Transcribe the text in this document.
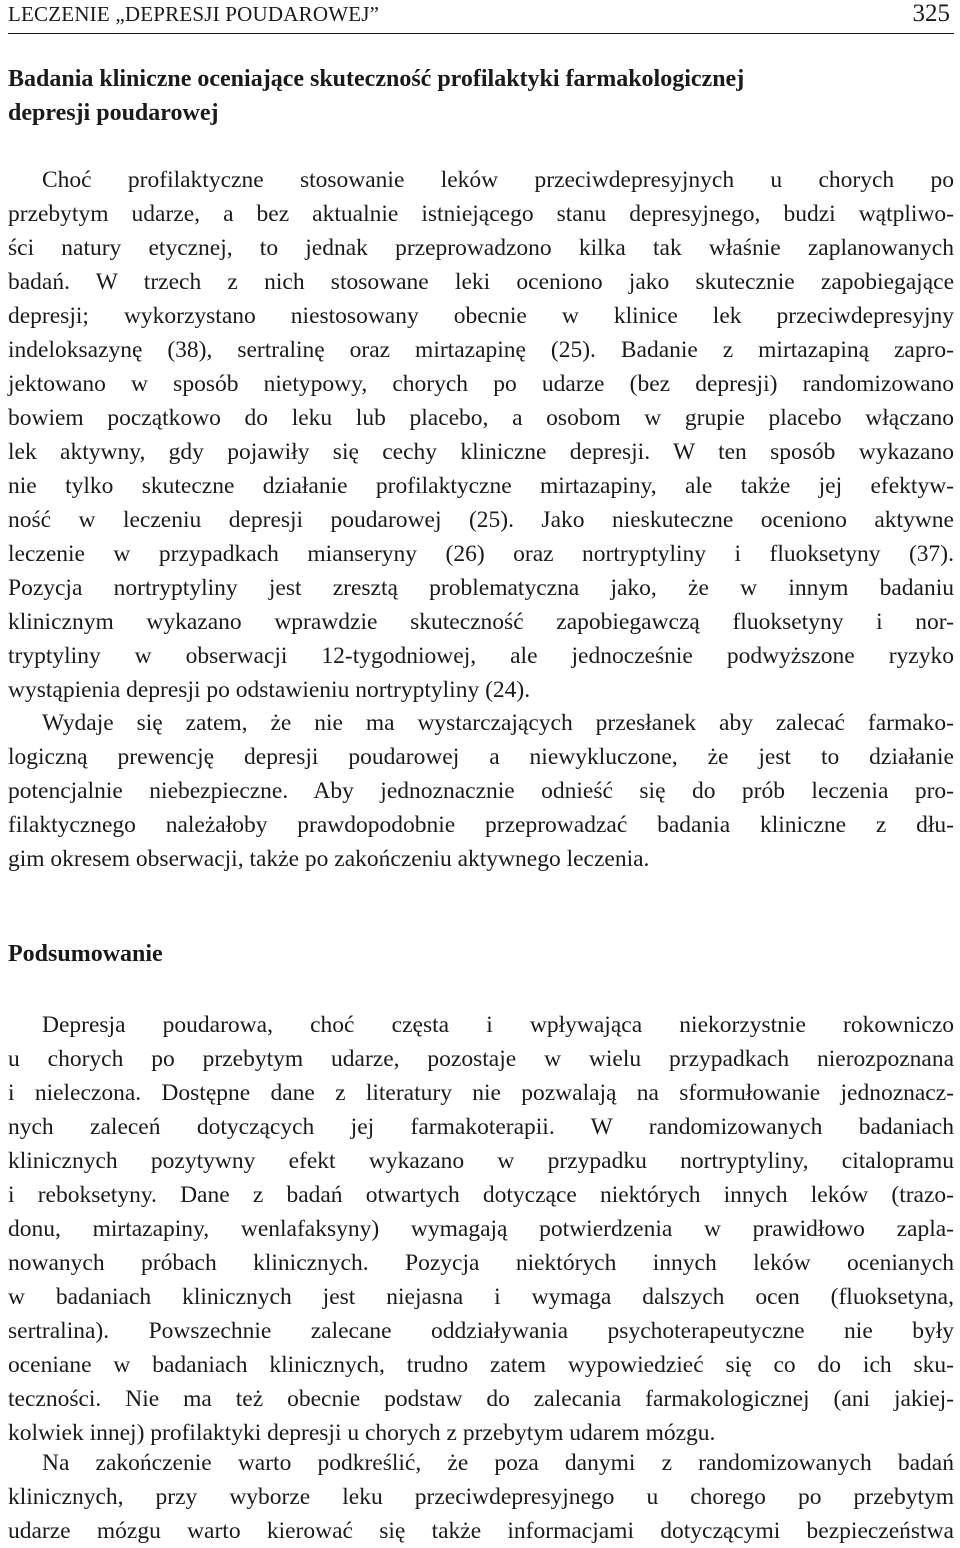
LECZENIE „DEPRESJI POUDAROWEJ”	325
Badania kliniczne oceniające skuteczność profilaktyki farmakologicznej
depresji poudarowej
Choć profilaktyczne stosowanie leków przeciwdepresyjnych u chorych po
przebytym udarze, a bez aktualnie istniejącego stanu depresyjnego, budzi wątpliwo-
ści natury etycznej, to jednak przeprowadzono kilka tak właśnie zaplanowanych
badań. W trzech z nich stosowane leki oceniono jako skutecznie zapobiegające
depresji; wykorzystano niestosowany obecnie w klinice lek przeciwdepresyjny
indeloksazynę (38), sertralinę oraz mirtazapinę (25). Badanie z mirtazapiną zapro-
jektowano w sposób nietypowy, chorych po udarze (bez depresji) randomizowano
bowiem początkowo do leku lub placebo, a osobom w grupie placebo włączano
lek aktywny, gdy pojawiły się cechy kliniczne depresji. W ten sposób wykazano
nie tylko skuteczne działanie profilaktyczne mirtazapiny, ale także jej efektyw-
ność w leczeniu depresji poudarowej (25). Jako nieskuteczne oceniono aktywne
leczenie w przypadkach mianseryny (26) oraz nortryptyliny i fluoksetyny (37).
Pozycja nortryptyliny jest zresztą problematyczna jako, że w innym badaniu
klinicznym wykazano wprawdzie skuteczność zapobiegawczą fluoksetyny i nor-
tryptyliny w obserwacji 12-tygodniowej, ale jednocześnie podwyższone ryzyko
wystąpienia depresji po odstawieniu nortryptyliny (24).
Wydaje się zatem, że nie ma wystarczających przesłanek aby zalecać farmako-
logiczną prewencję depresji poudarowej a niewykluczone, że jest to działanie
potencjalnie niebezpieczne. Aby jednoznacznie odnieść się do prób leczenia pro-
filaktycznego należałoby prawdopodobnie przeprowadzać badania kliniczne z dłu-
gim okresem obserwacji, także po zakończeniu aktywnego leczenia.
Podsumowanie
Depresja poudarowa, choć częsta i wpływająca niekorzystnie rokowniczo
u chorych po przebytym udarze, pozostaje w wielu przypadkach nierozpoznana
i nieleczona. Dostępne dane z literatury nie pozwalają na sformułowanie jednoznacz-
nych zaleceń dotyczących jej farmakoterapii. W randomizowanych badaniach
klinicznych pozytywny efekt wykazano w przypadku nortryptyliny, citalopramu
i reboksetyny. Dane z badań otwartych dotyczące niektórych innych leków (trazo-
donu, mirtazapiny, wenlafaksyny) wymagają potwierdzenia w prawidłowo zapla-
nowanych próbach klinicznych. Pozycja niektórych innych leków ocenianych
w badaniach klinicznych jest niejasna i wymaga dalszych ocen (fluoksetyna,
sertralina). Powszechnie zalecane oddziaływania psychoterapeutyczne nie były
oceniane w badaniach klinicznych, trudno zatem wypowiedzieć się co do ich sku-
teczności. Nie ma też obecnie podstaw do zalecania farmakologicznej (ani jakiej-
kolwiek innej) profilaktyki depresji u chorych z przebytym udarem mózgu.
Na zakończenie warto podkreślić, że poza danymi z randomizowanych badań
klinicznych, przy wyborze leku przeciwdepresyjnego u chorego po przebytym
udarze mózgu warto kierować się także informacjami dotyczącymi bezpieczeństwa
